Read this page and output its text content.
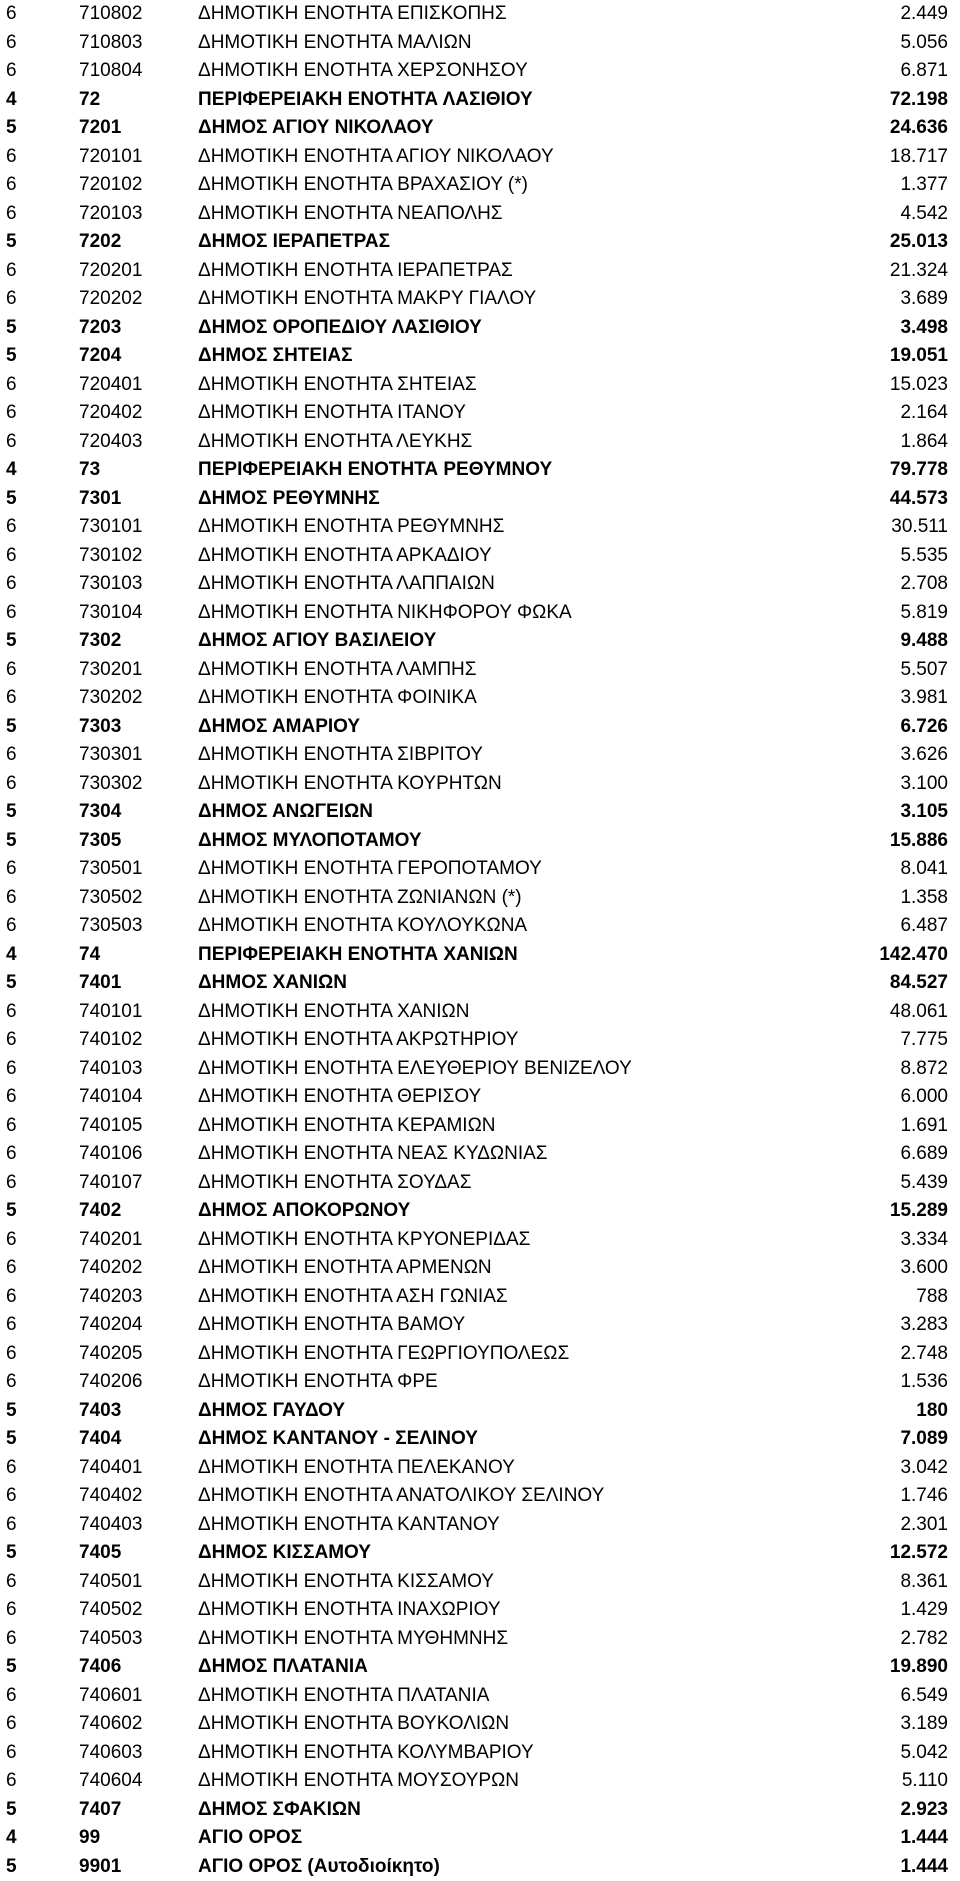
6	710802	ΔΗΜΟΤΙΚΗ ΕΝΟΤΗΤΑ ΕΠΙΣΚΟΠΗΣ	2.449
6	710803	ΔΗΜΟΤΙΚΗ ΕΝΟΤΗΤΑ ΜΑΛΙΩΝ	5.056
6	710804	ΔΗΜΟΤΙΚΗ ΕΝΟΤΗΤΑ ΧΕΡΣΟΝΗΣΟΥ	6.871
4	72	ΠΕΡΙΦΕΡΕΙΑΚΗ ΕΝΟΤΗΤΑ ΛΑΣΙΘΙΟΥ	72.198
5	7201	ΔΗΜΟΣ ΑΓΙΟΥ ΝΙΚΟΛΑΟΥ	24.636
6	720101	ΔΗΜΟΤΙΚΗ ΕΝΟΤΗΤΑ ΑΓΙΟΥ ΝΙΚΟΛΑΟΥ	18.717
6	720102	ΔΗΜΟΤΙΚΗ ΕΝΟΤΗΤΑ ΒΡΑΧΑΣΙΟΥ (*)	1.377
6	720103	ΔΗΜΟΤΙΚΗ ΕΝΟΤΗΤΑ ΝΕΑΠΟΛΗΣ	4.542
5	7202	ΔΗΜΟΣ ΙΕΡΑΠΕΤΡΑΣ	25.013
6	720201	ΔΗΜΟΤΙΚΗ ΕΝΟΤΗΤΑ ΙΕΡΑΠΕΤΡΑΣ	21.324
6	720202	ΔΗΜΟΤΙΚΗ ΕΝΟΤΗΤΑ ΜΑΚΡΥ ΓΙΑΛΟΥ	3.689
5	7203	ΔΗΜΟΣ ΟΡΟΠΕΔΙΟΥ ΛΑΣΙΘΙΟΥ	3.498
5	7204	ΔΗΜΟΣ ΣΗΤΕΙΑΣ	19.051
6	720401	ΔΗΜΟΤΙΚΗ ΕΝΟΤΗΤΑ ΣΗΤΕΙΑΣ	15.023
6	720402	ΔΗΜΟΤΙΚΗ ΕΝΟΤΗΤΑ ΙΤΑΝΟΥ	2.164
6	720403	ΔΗΜΟΤΙΚΗ ΕΝΟΤΗΤΑ ΛΕΥΚΗΣ	1.864
4	73	ΠΕΡΙΦΕΡΕΙΑΚΗ ΕΝΟΤΗΤΑ ΡΕΘΥΜΝΟΥ	79.778
5	7301	ΔΗΜΟΣ ΡΕΘΥΜΝΗΣ	44.573
6	730101	ΔΗΜΟΤΙΚΗ ΕΝΟΤΗΤΑ ΡΕΘΥΜΝΗΣ	30.511
6	730102	ΔΗΜΟΤΙΚΗ ΕΝΟΤΗΤΑ ΑΡΚΑΔΙΟΥ	5.535
6	730103	ΔΗΜΟΤΙΚΗ ΕΝΟΤΗΤΑ ΛΑΠΠΑΙΩΝ	2.708
6	730104	ΔΗΜΟΤΙΚΗ ΕΝΟΤΗΤΑ ΝΙΚΗΦΟΡΟΥ ΦΩΚΑ	5.819
5	7302	ΔΗΜΟΣ ΑΓΙΟΥ ΒΑΣΙΛΕΙΟΥ	9.488
6	730201	ΔΗΜΟΤΙΚΗ ΕΝΟΤΗΤΑ ΛΑΜΠΗΣ	5.507
6	730202	ΔΗΜΟΤΙΚΗ ΕΝΟΤΗΤΑ ΦΟΙΝΙΚΑ	3.981
5	7303	ΔΗΜΟΣ ΑΜΑΡΙΟΥ	6.726
6	730301	ΔΗΜΟΤΙΚΗ ΕΝΟΤΗΤΑ ΣΙΒΡΙΤΟΥ	3.626
6	730302	ΔΗΜΟΤΙΚΗ ΕΝΟΤΗΤΑ ΚΟΥΡΗΤΩΝ	3.100
5	7304	ΔΗΜΟΣ ΑΝΩΓΕΙΩΝ	3.105
5	7305	ΔΗΜΟΣ ΜΥΛΟΠΟΤΑΜΟΥ	15.886
6	730501	ΔΗΜΟΤΙΚΗ ΕΝΟΤΗΤΑ ΓΕΡΟΠΟΤΑΜΟΥ	8.041
6	730502	ΔΗΜΟΤΙΚΗ ΕΝΟΤΗΤΑ ΖΩΝΙΑΝΩΝ (*)	1.358
6	730503	ΔΗΜΟΤΙΚΗ ΕΝΟΤΗΤΑ ΚΟΥΛΟΥΚΩΝΑ	6.487
4	74	ΠΕΡΙΦΕΡΕΙΑΚΗ ΕΝΟΤΗΤΑ ΧΑΝΙΩΝ	142.470
5	7401	ΔΗΜΟΣ ΧΑΝΙΩΝ	84.527
6	740101	ΔΗΜΟΤΙΚΗ ΕΝΟΤΗΤΑ ΧΑΝΙΩΝ	48.061
6	740102	ΔΗΜΟΤΙΚΗ ΕΝΟΤΗΤΑ ΑΚΡΩΤΗΡΙΟΥ	7.775
6	740103	ΔΗΜΟΤΙΚΗ ΕΝΟΤΗΤΑ ΕΛΕΥΘΕΡΙΟΥ ΒΕΝΙΖΕΛΟΥ	8.872
6	740104	ΔΗΜΟΤΙΚΗ ΕΝΟΤΗΤΑ ΘΕΡΙΣΟΥ	6.000
6	740105	ΔΗΜΟΤΙΚΗ ΕΝΟΤΗΤΑ ΚΕΡΑΜΙΩΝ	1.691
6	740106	ΔΗΜΟΤΙΚΗ ΕΝΟΤΗΤΑ ΝΕΑΣ ΚΥΔΩΝΙΑΣ	6.689
6	740107	ΔΗΜΟΤΙΚΗ ΕΝΟΤΗΤΑ ΣΟΥΔΑΣ	5.439
5	7402	ΔΗΜΟΣ ΑΠΟΚΟΡΩΝΟΥ	15.289
6	740201	ΔΗΜΟΤΙΚΗ ΕΝΟΤΗΤΑ ΚΡΥΟΝΕΡΙΔΑΣ	3.334
6	740202	ΔΗΜΟΤΙΚΗ ΕΝΟΤΗΤΑ ΑΡΜΕΝΩΝ	3.600
6	740203	ΔΗΜΟΤΙΚΗ ΕΝΟΤΗΤΑ ΑΣΗ ΓΩΝΙΑΣ	788
6	740204	ΔΗΜΟΤΙΚΗ ΕΝΟΤΗΤΑ ΒΑΜΟΥ	3.283
6	740205	ΔΗΜΟΤΙΚΗ ΕΝΟΤΗΤΑ ΓΕΩΡΓΙΟΥΠΟΛΕΩΣ	2.748
6	740206	ΔΗΜΟΤΙΚΗ ΕΝΟΤΗΤΑ ΦΡΕ	1.536
5	7403	ΔΗΜΟΣ ΓΑΥΔΟΥ	180
5	7404	ΔΗΜΟΣ ΚΑΝΤΑΝΟΥ - ΣΕΛΙΝΟΥ	7.089
6	740401	ΔΗΜΟΤΙΚΗ ΕΝΟΤΗΤΑ ΠΕΛΕΚΑΝΟΥ	3.042
6	740402	ΔΗΜΟΤΙΚΗ ΕΝΟΤΗΤΑ ΑΝΑΤΟΛΙΚΟΥ ΣΕΛΙΝΟΥ	1.746
6	740403	ΔΗΜΟΤΙΚΗ ΕΝΟΤΗΤΑ ΚΑΝΤΑΝΟΥ	2.301
5	7405	ΔΗΜΟΣ ΚΙΣΣΑΜΟΥ	12.572
6	740501	ΔΗΜΟΤΙΚΗ ΕΝΟΤΗΤΑ ΚΙΣΣΑΜΟΥ	8.361
6	740502	ΔΗΜΟΤΙΚΗ ΕΝΟΤΗΤΑ ΙΝΑΧΩΡΙΟΥ	1.429
6	740503	ΔΗΜΟΤΙΚΗ ΕΝΟΤΗΤΑ ΜΥΘΗΜΝΗΣ	2.782
5	7406	ΔΗΜΟΣ ΠΛΑΤΑΝΙΑ	19.890
6	740601	ΔΗΜΟΤΙΚΗ ΕΝΟΤΗΤΑ ΠΛΑΤΑΝΙΑ	6.549
6	740602	ΔΗΜΟΤΙΚΗ ΕΝΟΤΗΤΑ ΒΟΥΚΟΛΙΩΝ	3.189
6	740603	ΔΗΜΟΤΙΚΗ ΕΝΟΤΗΤΑ ΚΟΛΥΜΒΑΡΙΟΥ	5.042
6	740604	ΔΗΜΟΤΙΚΗ ΕΝΟΤΗΤΑ ΜΟΥΣΟΥΡΩΝ	5.110
5	7407	ΔΗΜΟΣ ΣΦΑΚΙΩΝ	2.923
4	99	ΑΓΙΟ ΟΡΟΣ	1.444
5	9901	ΑΓΙΟ ΟΡΟΣ (Αυτοδιοίκητο)	1.444
